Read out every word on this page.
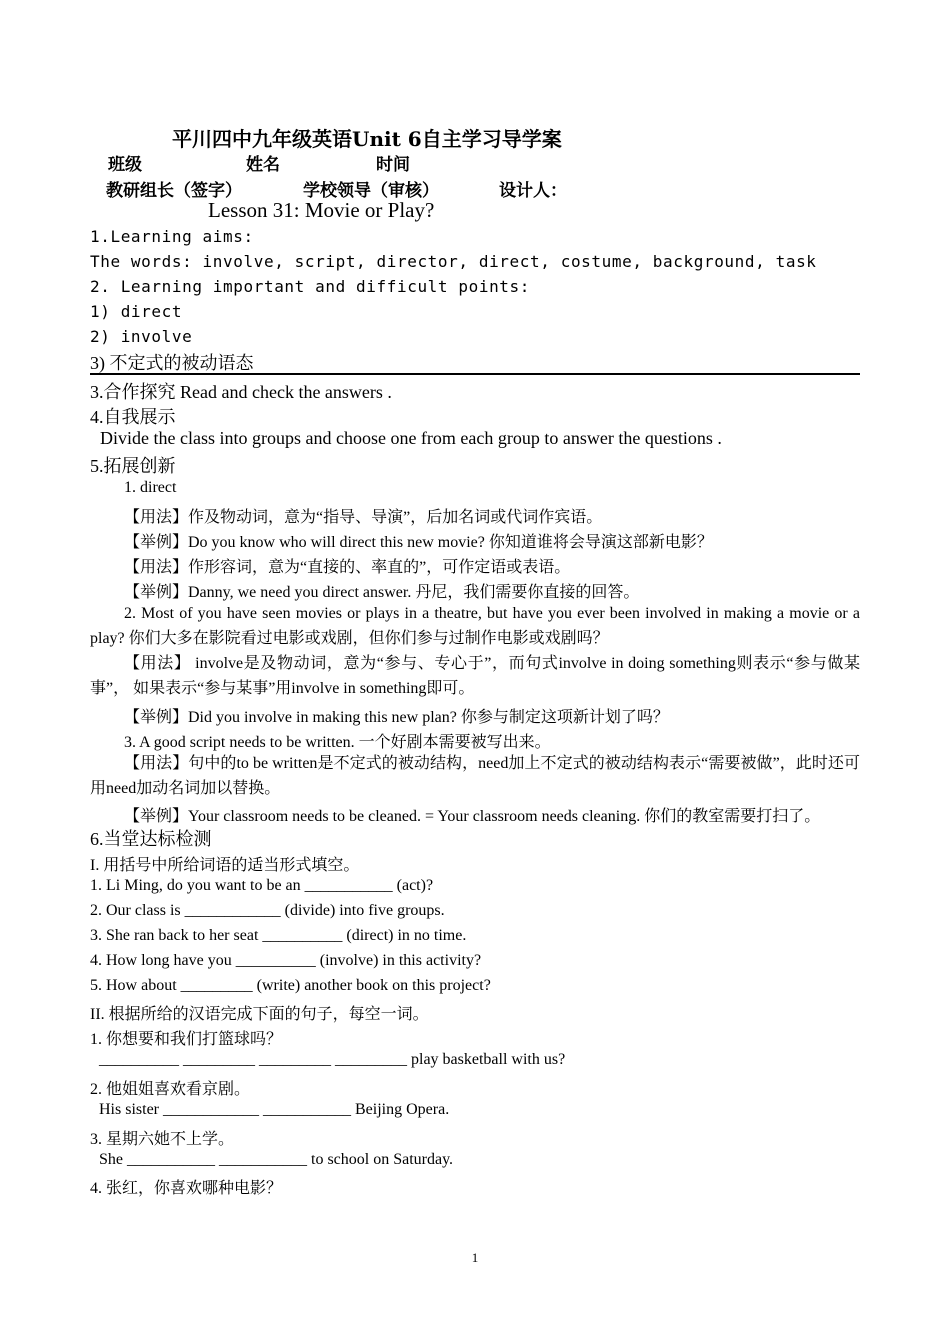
平川四中九年级英语Unit 6自主学习导学案
班级	姓名	时间
教研组长（签字）	学校领导（审核）	设计人：
Lesson 31: Movie or Play?
1.Learning aims:
The words: involve, script, director, direct, costume, background, task
2. Learning important and difficult points:
1) direct
2) involve
3) 不定式的被动语态
3.合作探究 Read and check the answers .
4.自我展示
Divide the class into groups and choose one from each group to answer the questions .
5.拓展创新
1. direct
【用法】作及物动词，意为“指导、导演”，后加名词或代词作宾语。
【举例】Do you know who will direct this new movie? 你知道谁将会导演这部新电影？
【用法】作形容词，意为“直接的、率直的”，可作定语或表语。
【举例】Danny, we need you direct answer. 丹尼，我们需要你直接的回答。
2. Most of you have seen movies or plays in a theatre, but have you ever been involved in making a movie or a play? 你们大多在影院看过电影或戏剧，但你们参与过制作电影或戏剧吗？
【用法】 involve是及物动词，意为“参与、专心于”，而句式involve in doing something则表示“参与做某事”， 如果表示“参与某事”用involve in something即可。
【举例】Did you involve in making this new plan? 你参与制定这项新计划了吗？
3. A good script needs to be written. 一个好剧本需要被写出来。
【用法】句中的to be written是不定式的被动结构，need加上不定式的被动结构表示“需要被做”，此时还可用need加动名词加以替换。
【举例】Your classroom needs to be cleaned. = Your classroom needs cleaning. 你们的教室需要打扫了。
6.当堂达标检测
I. 用括号中所给词语的适当形式填空。
1. Li Ming, do you want to be an ___________ (act)?
2. Our class is ____________ (divide) into five groups.
3. She ran back to her seat __________ (direct) in no time.
4. How long have you __________ (involve) in this activity?
5. How about _________ (write) another book on this project?
II. 根据所给的汉语完成下面的句子，每空一词。
1. 你想要和我们打篮球吗？
__________ _________ _________ _________ play basketball with us?
2. 他姐姐喜欢看京剧。
His sister ____________ ___________ Beijing Opera.
3. 星期六她不上学。
She ___________ ___________ to school on Saturday.
4. 张红，你喜欢哪种电影？
1
